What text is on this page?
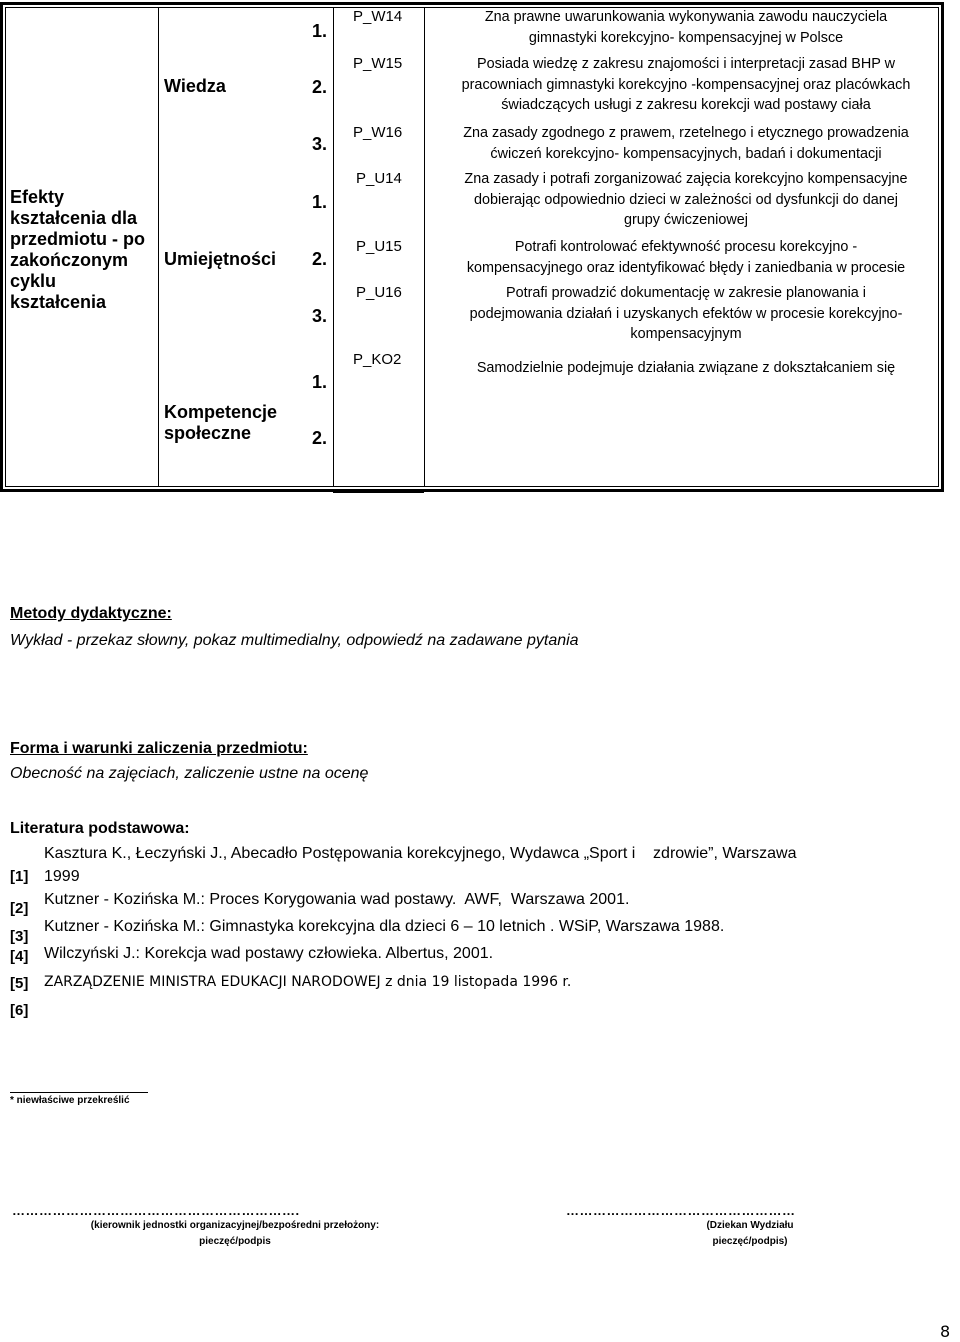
Efekty
kształcenia dla
przedmiotu - po
zakończonym
cyklu
kształcenia
Wiedza
Umiejętności
Kompetencje
społeczne
1.
2.
3.
1.
2.
3.
1.
2.
P_W14
P_W15
P_W16
P_U14
P_U15
P_U16
P_KO2
Zna prawne uwarunkowania wykonywania zawodu nauczyciela
gimnastyki korekcyjno- kompensacyjnej w Polsce
Posiada wiedzę z zakresu znajomości i interpretacji zasad BHP w
pracowniach gimnastyki korekcyjno -kompensacyjnej oraz placówkach
świadczących usługi z zakresu korekcji wad postawy ciała
Zna zasady zgodnego z prawem, rzetelnego i etycznego prowadzenia
ćwiczeń korekcyjno- kompensacyjnych, badań i dokumentacji
Zna zasady i potrafi zorganizować zajęcia korekcyjno kompensacyjne
dobierając odpowiednio dzieci w zależności od dysfunkcji do danej
grupy ćwiczeniowej
Potrafi kontrolować efektywność procesu korekcyjno -
kompensacyjnego oraz identyfikować błędy i zaniedbania w procesie
Potrafi prowadzić dokumentację w zakresie planowania i
podejmowania działań i uzyskanych efektów w procesie korekcyjno-
kompensacyjnym
Samodzielnie podejmuje działania związane z dokształcaniem się
Metody dydaktyczne:
Wykład - przekaz słowny, pokaz multimedialny, odpowiedź na zadawane pytania
Forma i warunki zaliczenia przedmiotu:
Obecność na zajęciach, zaliczenie ustne na ocenę
Literatura podstawowa:
Kasztura K., Łeczyński J., Abecadło Postępowania korekcyjnego, Wydawca „Sport i    zdrowie”, Warszawa
[1] 1999
[2]
Kutzner - Kozińska M.: Proces Korygowania wad postawy.  AWF,  Warszawa 2001.
[3]
Kutzner - Kozińska M.: Gimnastyka korekcyjna dla dzieci 6 – 10 letnich . WSiP, Warszawa 1988.
[4] Wilczyński J.: Korekcja wad postawy człowieka. Albertus, 2001.
[5] ZARZĄDZENIE MINISTRA EDUKACJI NARODOWEJ z dnia 19 listopada 1996 r.
[6]
* niewłaściwe przekreślić
……………………………………………………….
(kierownik jednostki organizacyjnej/bezpośredni przełożony:
pieczęć/podpis
……………………………………………
(Dziekan Wydziału
pieczęć/podpis)
8
